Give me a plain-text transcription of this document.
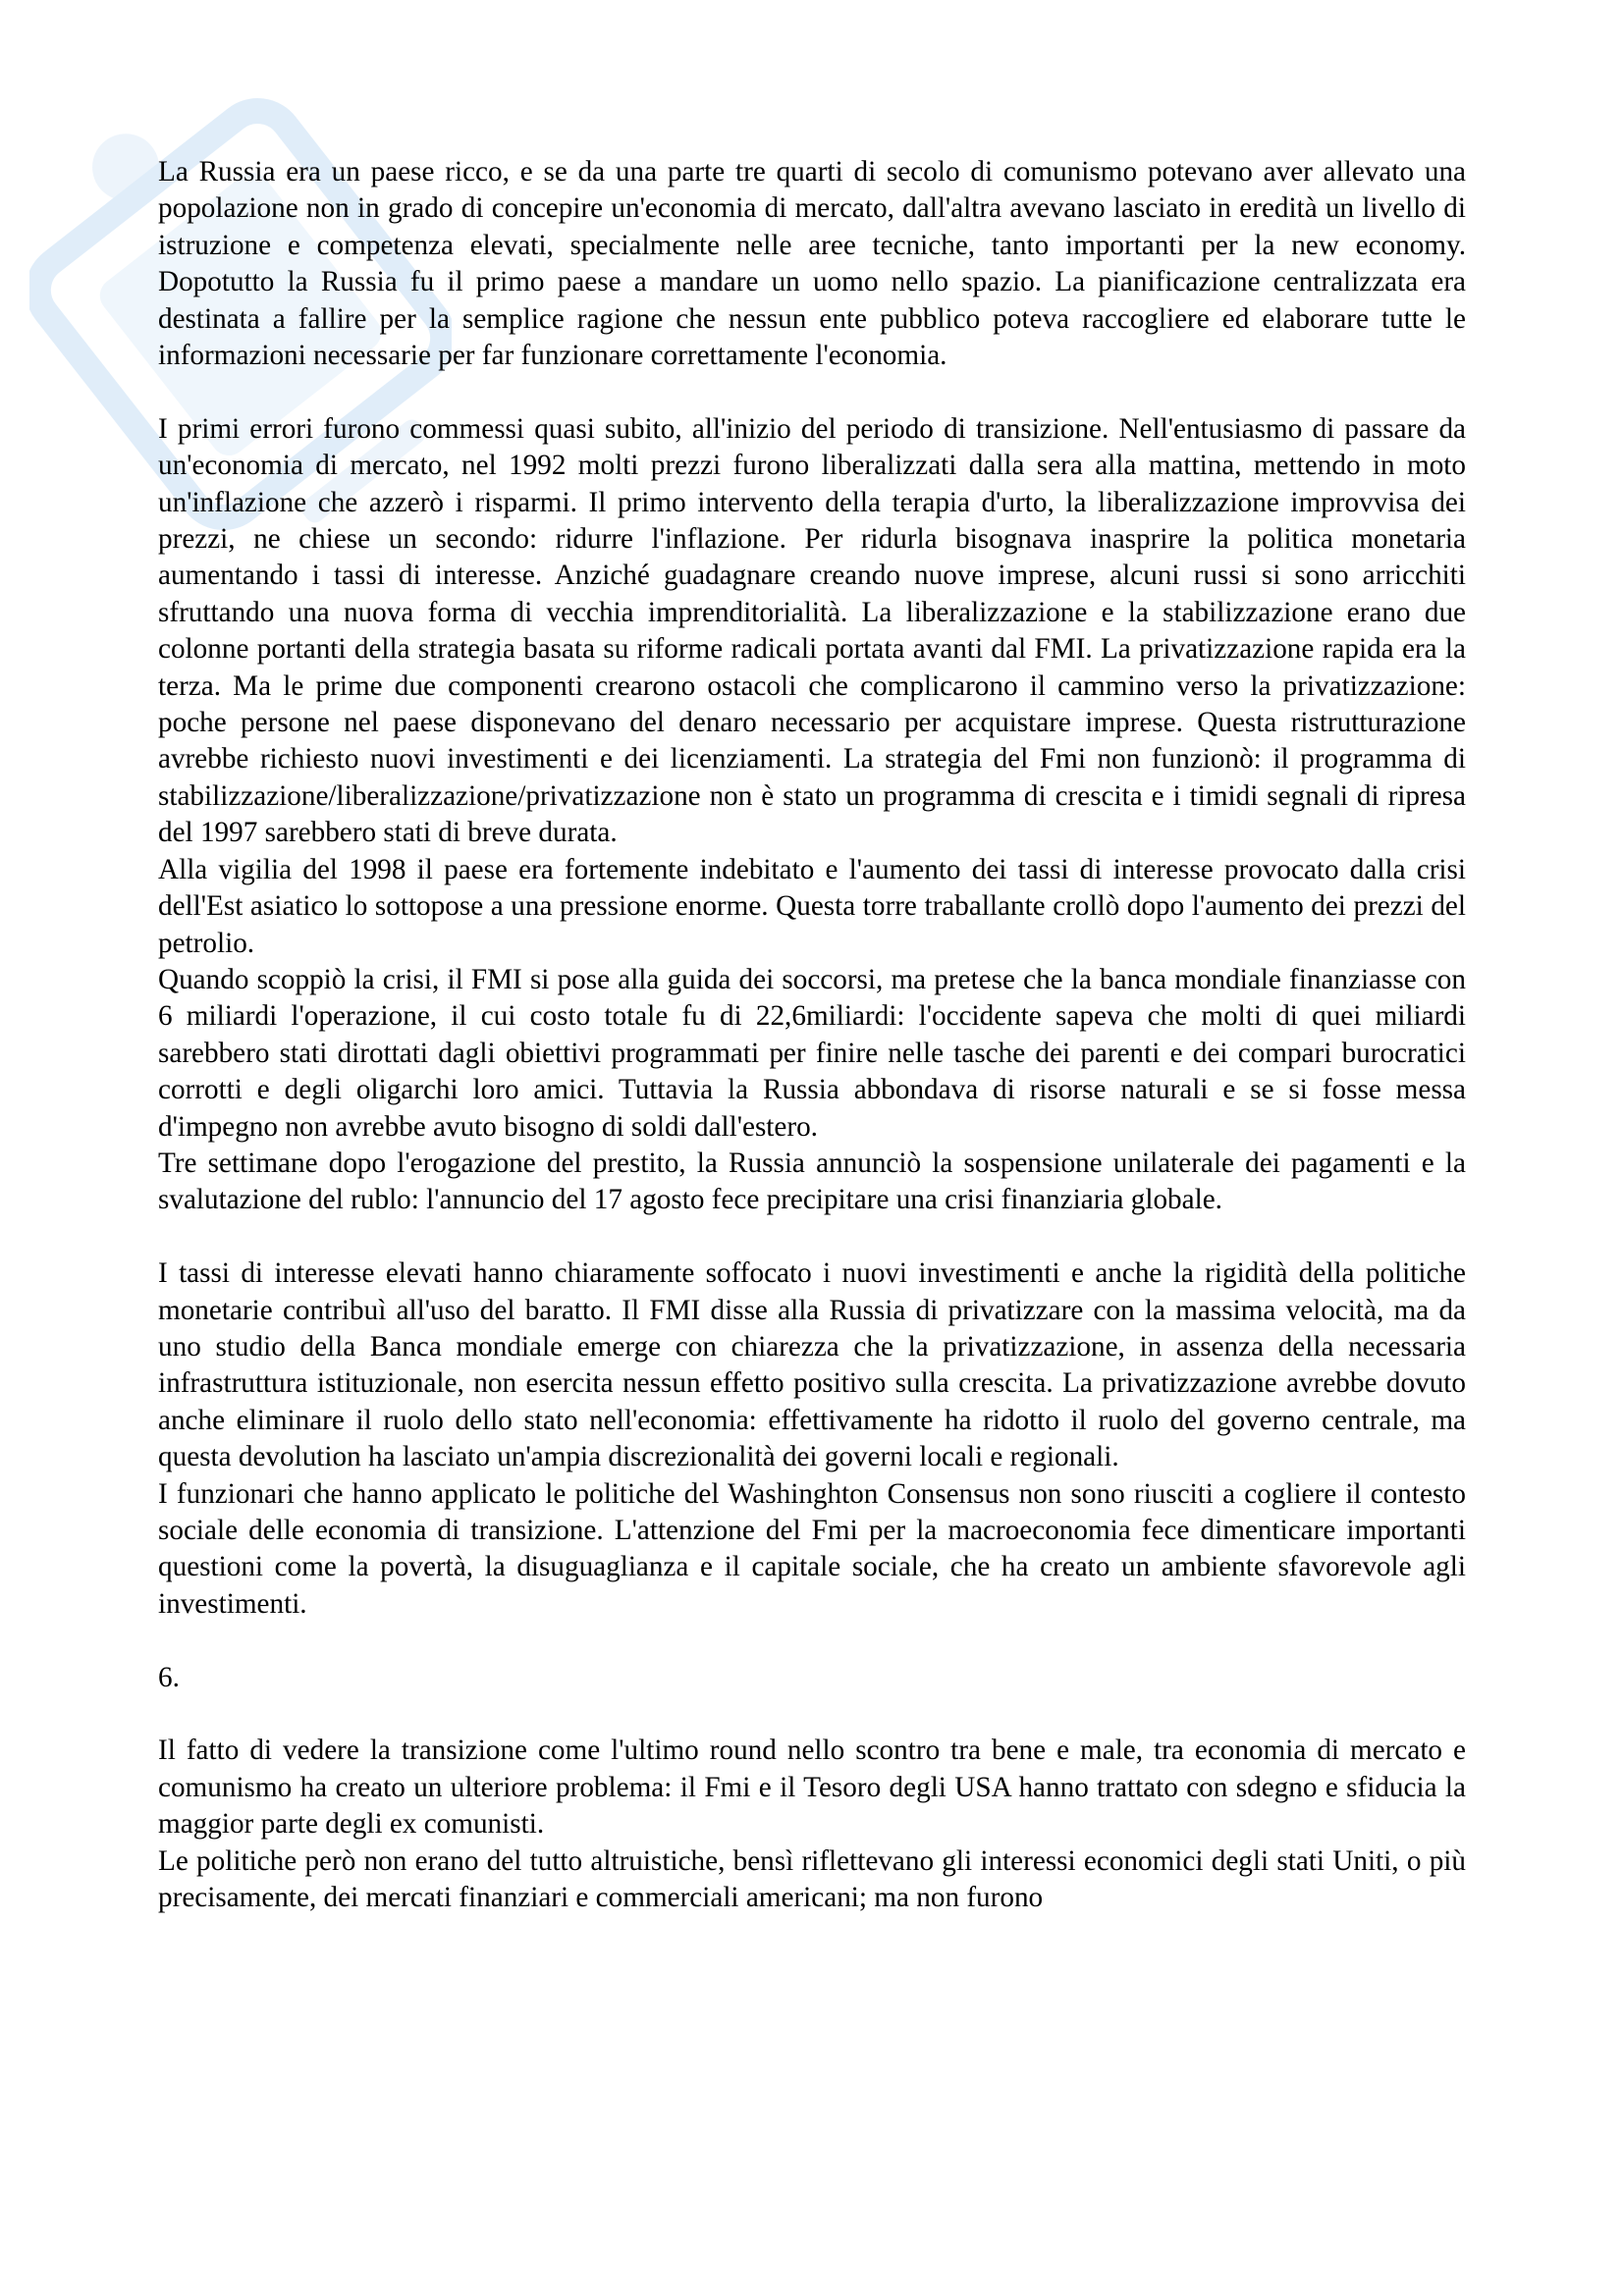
La Russia era un paese ricco, e se da una parte tre quarti di secolo di comunismo potevano aver allevato una popolazione non in grado di concepire un'economia di mercato, dall'altra avevano lasciato in eredità un livello di istruzione e competenza elevati, specialmente nelle aree tecniche, tanto importanti per la new economy. Dopotutto la Russia fu il primo paese a mandare un uomo nello spazio. La pianificazione centralizzata era destinata a fallire per la semplice ragione che nessun ente pubblico poteva raccogliere ed elaborare tutte le informazioni necessarie per far funzionare correttamente l'economia.

I primi errori furono commessi quasi subito, all'inizio del periodo di transizione. Nell'entusiasmo di passare da un'economia di mercato, nel 1992 molti prezzi furono liberalizzati dalla sera alla mattina, mettendo in moto un'inflazione che azzerò i risparmi. Il primo intervento della terapia d'urto, la liberalizzazione improvvisa dei prezzi, ne chiese un secondo: ridurre l'inflazione. Per ridurla bisognava inasprire la politica monetaria aumentando i tassi di interesse. Anziché guadagnare creando nuove imprese, alcuni russi si sono arricchiti sfruttando una nuova forma di vecchia imprenditorialità. La liberalizzazione e la stabilizzazione erano due colonne portanti della strategia basata su riforme radicali portata avanti dal FMI. La privatizzazione rapida era la terza. Ma le prime due componenti crearono ostacoli che complicarono il cammino verso la privatizzazione: poche persone nel paese disponevano del denaro necessario per acquistare imprese. Questa ristrutturazione avrebbe richiesto nuovi investimenti e dei licenziamenti. La strategia del Fmi non funzionò: il programma di stabilizzazione/liberalizzazione/privatizzazione non è stato un programma di crescita e i timidi segnali di ripresa del 1997 sarebbero stati di breve durata.

Alla vigilia del 1998 il paese era fortemente indebitato e l'aumento dei tassi di interesse provocato dalla crisi dell'Est asiatico lo sottopose a una pressione enorme. Questa torre traballante crollò dopo l'aumento dei prezzi del petrolio.

Quando scoppiò la crisi, il FMI si pose alla guida dei soccorsi, ma pretese che la banca mondiale finanziasse con 6 miliardi l'operazione, il cui costo totale fu di 22,6miliardi: l'occidente sapeva che molti di quei miliardi sarebbero stati dirottati dagli obiettivi programmati per finire nelle tasche dei parenti e dei compari burocratici corrotti e degli oligarchi loro amici. Tuttavia la Russia abbondava di risorse naturali e se si fosse messa d'impegno non avrebbe avuto bisogno di soldi dall'estero.

Tre settimane dopo l'erogazione del prestito, la Russia annunciò la sospensione unilaterale dei pagamenti e la svalutazione del rublo: l'annuncio del 17 agosto fece precipitare una crisi finanziaria globale.

I tassi di interesse elevati hanno chiaramente soffocato i nuovi investimenti e anche la rigidità della politiche monetarie contribuì all'uso del baratto. Il FMI disse alla Russia di privatizzare con la massima velocità, ma da uno studio della Banca mondiale emerge con chiarezza che la privatizzazione, in assenza della necessaria infrastruttura istituzionale, non esercita nessun effetto positivo sulla crescita. La privatizzazione avrebbe dovuto anche eliminare il ruolo dello stato nell'economia: effettivamente ha ridotto il ruolo del governo centrale, ma questa devolution ha lasciato un'ampia discrezionalità dei governi locali e regionali.

I funzionari che hanno applicato le politiche del Washinghton Consensus non sono riusciti a cogliere il contesto sociale delle economia di transizione. L'attenzione del Fmi per la macroeconomia fece dimenticare importanti questioni come la povertà, la disuguaglianza e il capitale sociale, che ha creato un ambiente sfavorevole agli investimenti.

6.

Il fatto di vedere la transizione come l'ultimo round nello scontro tra bene e male, tra economia di mercato e comunismo ha creato un ulteriore problema: il Fmi e il Tesoro degli USA hanno trattato con sdegno e sfiducia la maggior parte degli ex comunisti.

Le politiche però non erano del tutto altruistiche, bensì riflettevano gli interessi economici degli stati Uniti, o più precisamente, dei mercati finanziari e commerciali americani; ma non furono
